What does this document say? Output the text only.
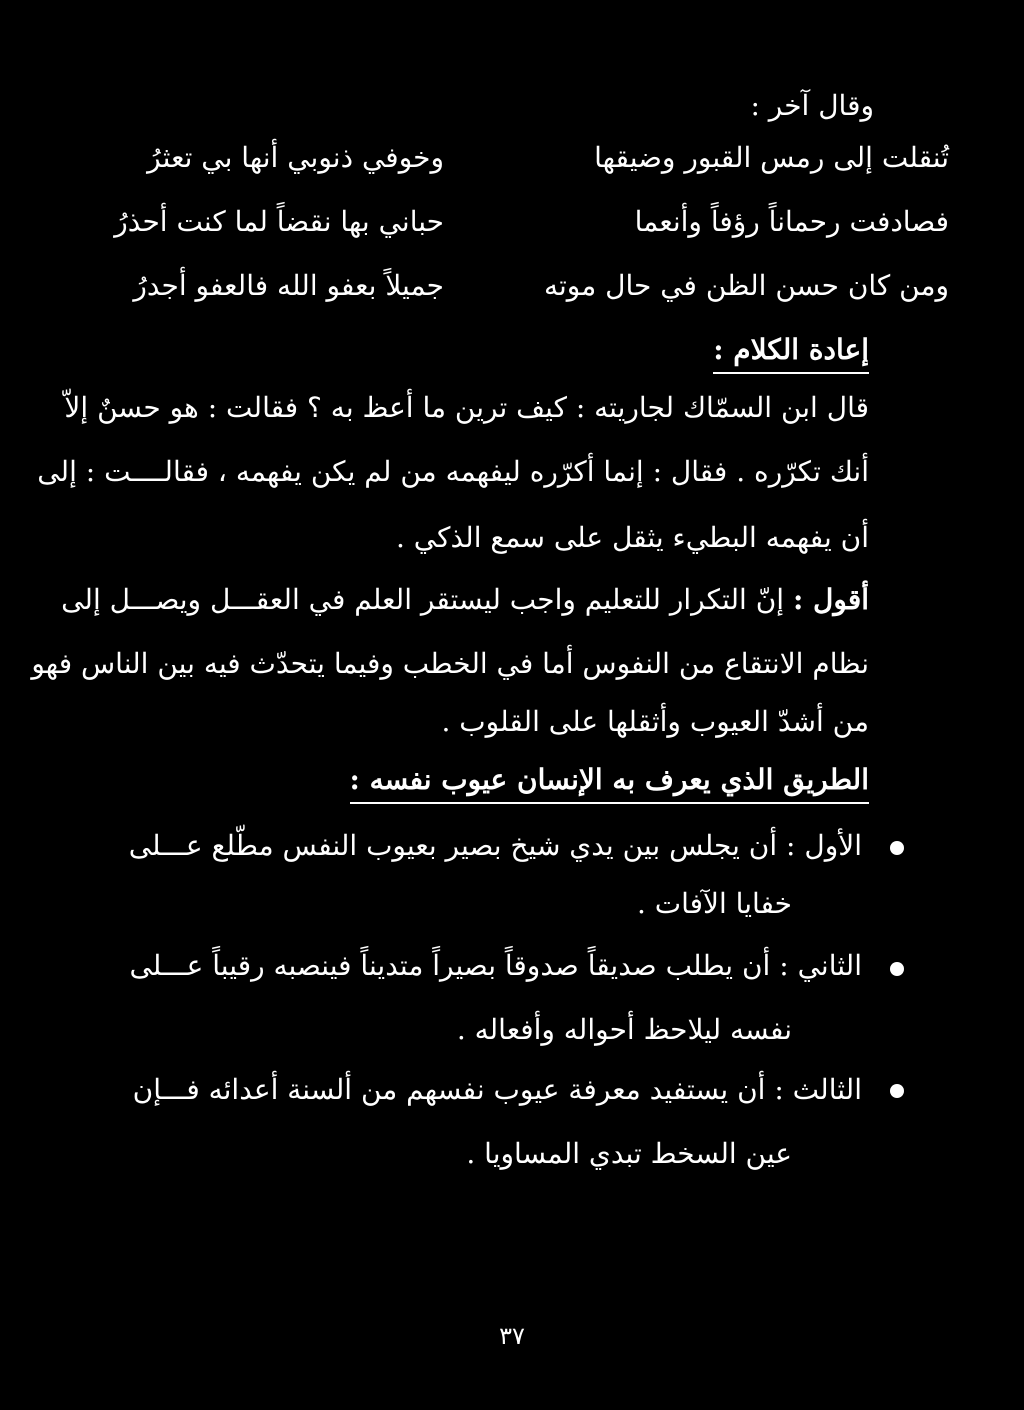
وقال آخر :
تُنقلت إلى رمس القبور وضيقها
وخوفي ذنوبي أنها بي تعثرُ
فصادفت رحماناً رؤفاً وأنعما
حباني بها نقضاً لما كنت أحذرُ
ومن كان حسن الظن في حال موته
جميلاً بعفو الله فالعفو أجدرُ
إعادة الكلام :
قال ابن السمّاك لجاريته : كيف ترين ما أعظ به ؟ فقالت : هو حسنٌ إلاّ
أنك تكرّره . فقال : إنما أكرّره ليفهمه من لم يكن يفهمه ، فقالــــت : إلى
أن يفهمه البطيء يثقل على سمع الذكي .
أقول : إنّ التكرار للتعليم واجب ليستقر العلم في العقـــل ويصـــل إلى
نظام الانتقاع من النفوس أما في الخطب وفيما يتحدّث فيه بين الناس فهو
من أشدّ العيوب وأثقلها على القلوب .
الطريق الذي يعرف به الإنسان عيوب نفسه :
الأول : أن يجلس بين يدي شيخ بصير بعيوب النفس مطّلع عـــلى
خفايا الآفات .
الثاني : أن يطلب صديقاً صدوقاً بصيراً متديناً فينصبه رقيباً عـــلى
نفسه ليلاحظ أحواله وأفعاله .
الثالث : أن يستفيد معرفة عيوب نفسهم من ألسنة أعدائه فـــإن
عين السخط تبدي المساويا .
٣٧
